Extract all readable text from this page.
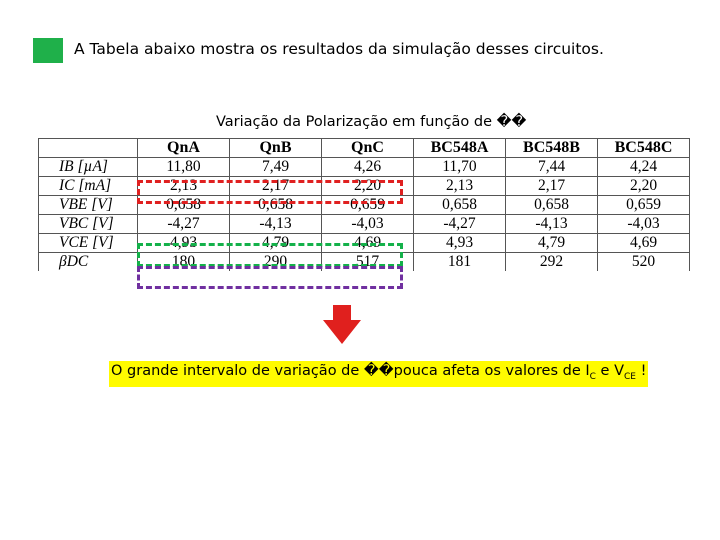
A Tabela abaixo mostra os resultados da simulação desses circuitos.
Variação da Polarização em função de ��
	QnA	QnB	QnC	BC548A	BC548B	BC548C
IB [µA]	11,80	7,49	4,26	11,70	7,44	4,24
IC [mA]	2,13	2,17	2,20	2,13	2,17	2,20
VBE [V]	0,658	0,658	0,659	0,658	0,658	0,659
VBC [V]	-4,27	-4,13	-4,03	-4,27	-4,13	-4,03
VCE [V]	4,93	4,79	4,69	4,93	4,79	4,69
βDC	180	290	517	181	292	520
O grande intervalo de variação de ��pouca afeta os valores de $I_C$ e $V_{CE}$ !
